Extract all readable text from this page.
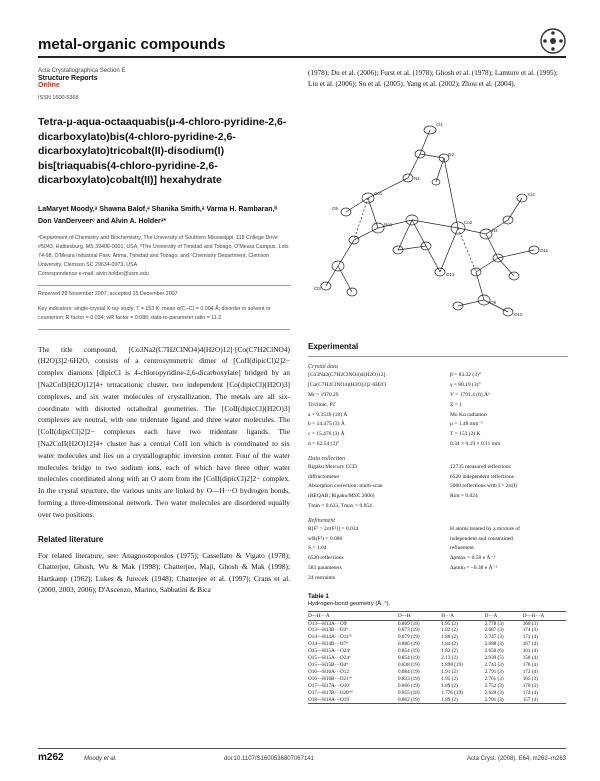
metal-organic compounds
Acta Crystallographica Section E
Structure Reports
Online
ISSN 1600-5368
Tetra-μ-aqua-octaaquabis(μ-4-chloro-pyridine-2,6-dicarboxylato)bis(4-chloro-pyridine-2,6-dicarboxylato)tricobalt(II)-disodium(I) bis[triaquabis(4-chloro-pyridine-2,6-dicarboxylato)cobalt(II)] hexahydrate
LaMaryet Moody,ᵃ Shawna Balof,ᵃ Shanika Smith,ᵃ Varma H. Rambaran,ᵇ Don VanDerveerᶜ and Alvin A. Holderᵃ*
ᵃDepartment of Chemistry and Biochemistry, The University of Southern Mississippi, 118 College Drive #5043, Hattiesburg, MS 39406-0001, USA, ᵇThe University of Trinidad and Tobago, O'Meara Campus, Lots 74-98, O'Meara Industrial Park, Arima, Trinidad and Tobago, and ᶜChemistry Department, Clemson University, Clemson SC 29634-0973, USA
Correspondence e-mail: alvin.holder@usm.edu
Received 29 November 2007; accepted 15 December 2007
Key indicators: single-crystal X-ray study; T = 153 K; mean σ(C–C) = 0.004 Å; disorder in solvent or counterion; R factor = 0.034; wR factor = 0.086; data-to-parameter ratio = 11.2.

The title compound, [Co3Na2(C7H2ClNO4)4(H2O)12]·[Co(C7H2ClNO4)(H2O)3]2·6H2O, consists of a centrosymmetric dimer of [CoII(dipicCl)2]2− complex dianions [dipicCl is 4-chloropyridine-2,6-dicarboxylate] bridged by an [Na2CoII(H2O)12]4+ tetracationic cluster, two independent [Co(dipicCl)(H2O)3] complexes, and six water molecules of crystallization. The metals are all six-coordinate with distorted octahedral geometries. The [CoII(dipicCl)(H2O)3] complexes are neutral, with one tridentate ligand and three water molecules. The [CoII(dipicCl)2]2− complexes each have two tridentate ligands. The [Na2CoII(H2O)12]4+ cluster has a central CoII ion which is coordinated to six water molecules and lies on a crystallographic inversion center. Four of the water molecules bridge to two sodium ions, each of which have three other water molecules coordinated along with an O atom from the [CoII(dipicCl)2]2− complex. In the crystal structure, the various units are linked by O—H···O hydrogen bonds, forming a three-dimensional network. Two water molecules are disordered equally over two positions.

Related literature

For related literature, see: Anagnostopoulos (1975); Cassellato & Vigato (1978); Chatterjee, Ghosh, Wu & Mak (1998); Chatterjee, Maji, Ghosh & Mak (1998); Hartkamp (1962); Lukes & Jurecek (1948); Chatterjee et al. (1997); Crans et al. (2000, 2003, 2006); D'Ascenzo, Marino, Sabbatini & Bica

(1978); Du et al. (2006); Furst et al. (1978); Ghosh et al. (1978); Lamture et al. (1995); Liu et al. (2006); Su et al. (2005); Yang et al. (2002); Zhou et al. (2004).

Cl1
O2
N1
Co1
O5
Na1	Co2
N2
Cl2
O9
O10
O11
Cl3
O13
Experimental
Crystal data
[Co3Na2(C7H2ClNO4)4(H2O)12]·	β = 83.32 (3)°
[Co(C7H2ClNO4)(H2O)3]2·6H2O	γ = 80.19 (3)°
Mr = 1970.29	V = 1791.4 (6) Å³
Triclinic, P1̄	Z = 1
a = 9.3539 (18) Å	Mo Kα radiation
b = 14.475 (3) Å	μ = 1.48 mm⁻¹
c = 15.476 (3) Å	T = 153 (2) K
α = 62.54 (3)°	0.34 × 0.19 × 0.11 mm
Data collection
Rigaku Mercury CCD	12735 measured reflections
diffractometer	6520 independent reflections
Absorption correction: multi-scan	5060 reflections with I > 2σ(I)
(REQAB; Rigaku/MSC 2006)	Rint = 0.024
Tmin = 0.633, Tmax = 0.854
Refinement
R[F² > 2σ(F²)] = 0.034	H atoms treated by a mixture of
wR(F²) = 0.086	independent and constrained
S = 1.04	refinement
6520 reflections	Δρmax = 0.58 e Å⁻³
583 parameters	Δρmin = −0.38 e Å⁻³
24 restraints
Table 1
Hydrogen-bond geometry (Å, °).
D—H···A	D—H	H···A	D···A	D—H···A
O13—H13A···O9ⁱ	0.869 (18)	1.95 (2)	2.778 (3)	160 (3)
O13—H13B···O4ⁱⁱ	0.873 (19)	1.82 (2)	2.687 (3)	174 (3)
O14—H14A···O11ⁱⁱⁱ	0.879 (19)	1.88 (2)	2.747 (3)	171 (4)
O14—H14B···O7ⁱᵛ	0.866 (19)	1.84 (2)	2.688 (3)	167 (4)
O15—H15A···O24ᵛ	0.854 (19)	1.83 (2)	2.650 (6)	161 (4)
O15—H15A···O24ᵛ	0.854 (19)	2.13 (2)	2.939 (5)	158 (4)
O15—H15B···O4ᵛⁱ	0.838 (19)	1.898 (19)	2.743 (3)	178 (4)
O16—H16A···O12	0.884 (19)	1.91 (2)	2.791 (3)	172 (4)
O16—H16B···O21ᵛⁱⁱ	0.833 (19)	1.95 (2)	2.761 (3)	165 (3)
O17—H17A···O10ⁱ	0.866 (19)	1.89 (2)	2.752 (3)	170 (3)
O17—H17B···O20ᵛⁱⁱⁱ	0.855 (18)	1.776 (19)	2.628 (3)	174 (4)
O18—H18A···O19	0.862 (19)	1.89 (2)	2.701 (3)	157 (4)
m262	Moody et al.	doi:10.1107/S1600536807067141	Acta Cryst. (2008). E64, m262–m263
